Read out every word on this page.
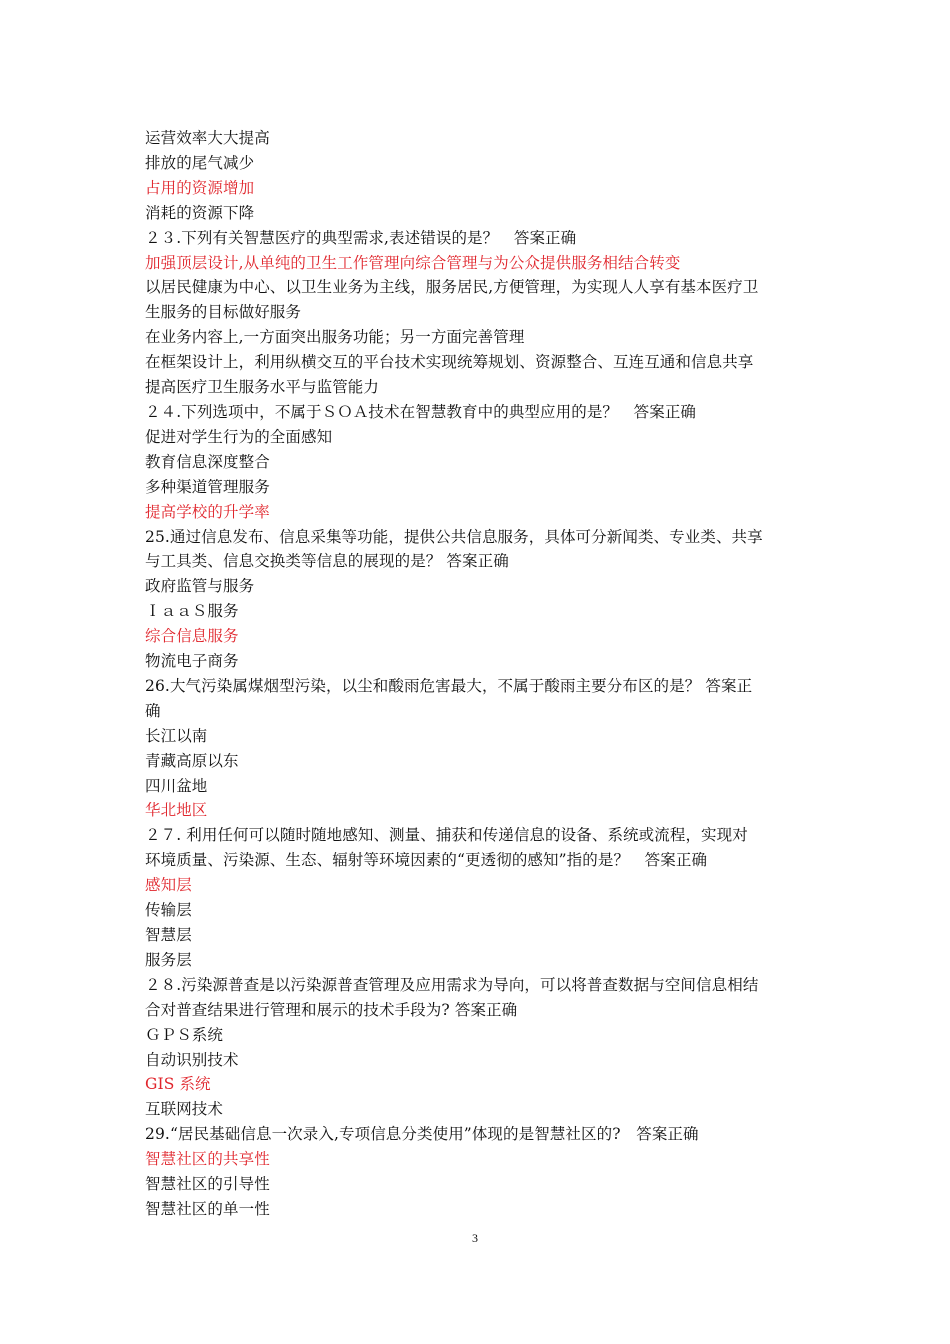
运营效率大大提高
排放的尾气减少
占用的资源增加
消耗的资源下降
２３.下列有关智慧医疗的典型需求,表述错误的是？　答案正确
加强顶层设计,从单纯的卫生工作管理向综合管理与为公众提供服务相结合转变
以居民健康为中心、以卫生业务为主线，服务居民,方便管理，为实现人人享有基本医疗卫
生服务的目标做好服务
在业务内容上,一方面突出服务功能；另一方面完善管理
在框架设计上，利用纵横交互的平台技术实现统筹规划、资源整合、互连互通和信息共享
提高医疗卫生服务水平与监管能力
２４.下列选项中，不属于ＳＯＡ技术在智慧教育中的典型应用的是？　答案正确
促进对学生行为的全面感知
教育信息深度整合
多种渠道管理服务
提高学校的升学率
25.通过信息发布、信息采集等功能，提供公共信息服务，具体可分新闻类、专业类、共享
与工具类、信息交换类等信息的展现的是？ 答案正确
政府监管与服务
ＩａａＳ服务
综合信息服务
物流电子商务
26.大气污染属煤烟型污染，以尘和酸雨危害最大，不属于酸雨主要分布区的是？ 答案正
确
长江以南
青藏高原以东
四川盆地
华北地区
２７. 利用任何可以随时随地感知、测量、捕获和传递信息的设备、系统或流程，实现对
环境质量、污染源、生态、辐射等环境因素的“更透彻的感知”指的是？　答案正确
感知层
传输层
智慧层
服务层
２８.污染源普查是以污染源普查管理及应用需求为导向，可以将普查数据与空间信息相结
合对普查结果进行管理和展示的技术手段为? 答案正确
ＧＰＳ系统
自动识别技术
GIS 系统
互联网技术
29.“居民基础信息一次录入,专项信息分类使用”体现的是智慧社区的?　答案正确
智慧社区的共享性
智慧社区的引导性
智慧社区的单一性
3
